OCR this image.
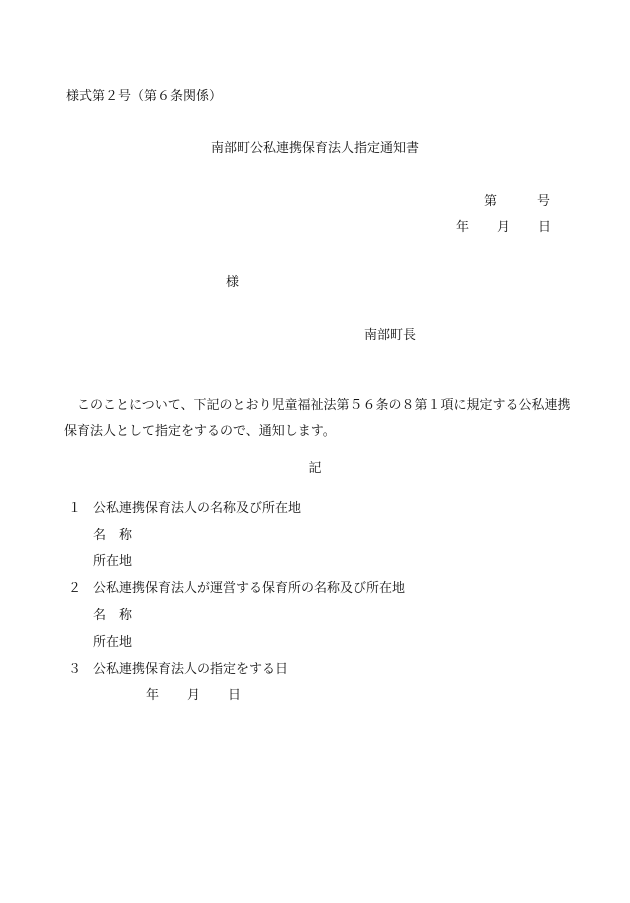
様式第２号（第６条関係）
南部町公私連携保育法人指定通知書
第	号
年 月 日
様
南部町長
　このことについて、下記のとおり児童福祉法第５６条の８第１項に規定する公私連携保育法人として指定をするので、通知します。
記
１ 公私連携保育法人の名称及び所在地
名　称
所在地
２ 公私連携保育法人が運営する保育所の名称及び所在地
名　称
所在地
３ 公私連携保育法人の指定をする日
年 月 日
